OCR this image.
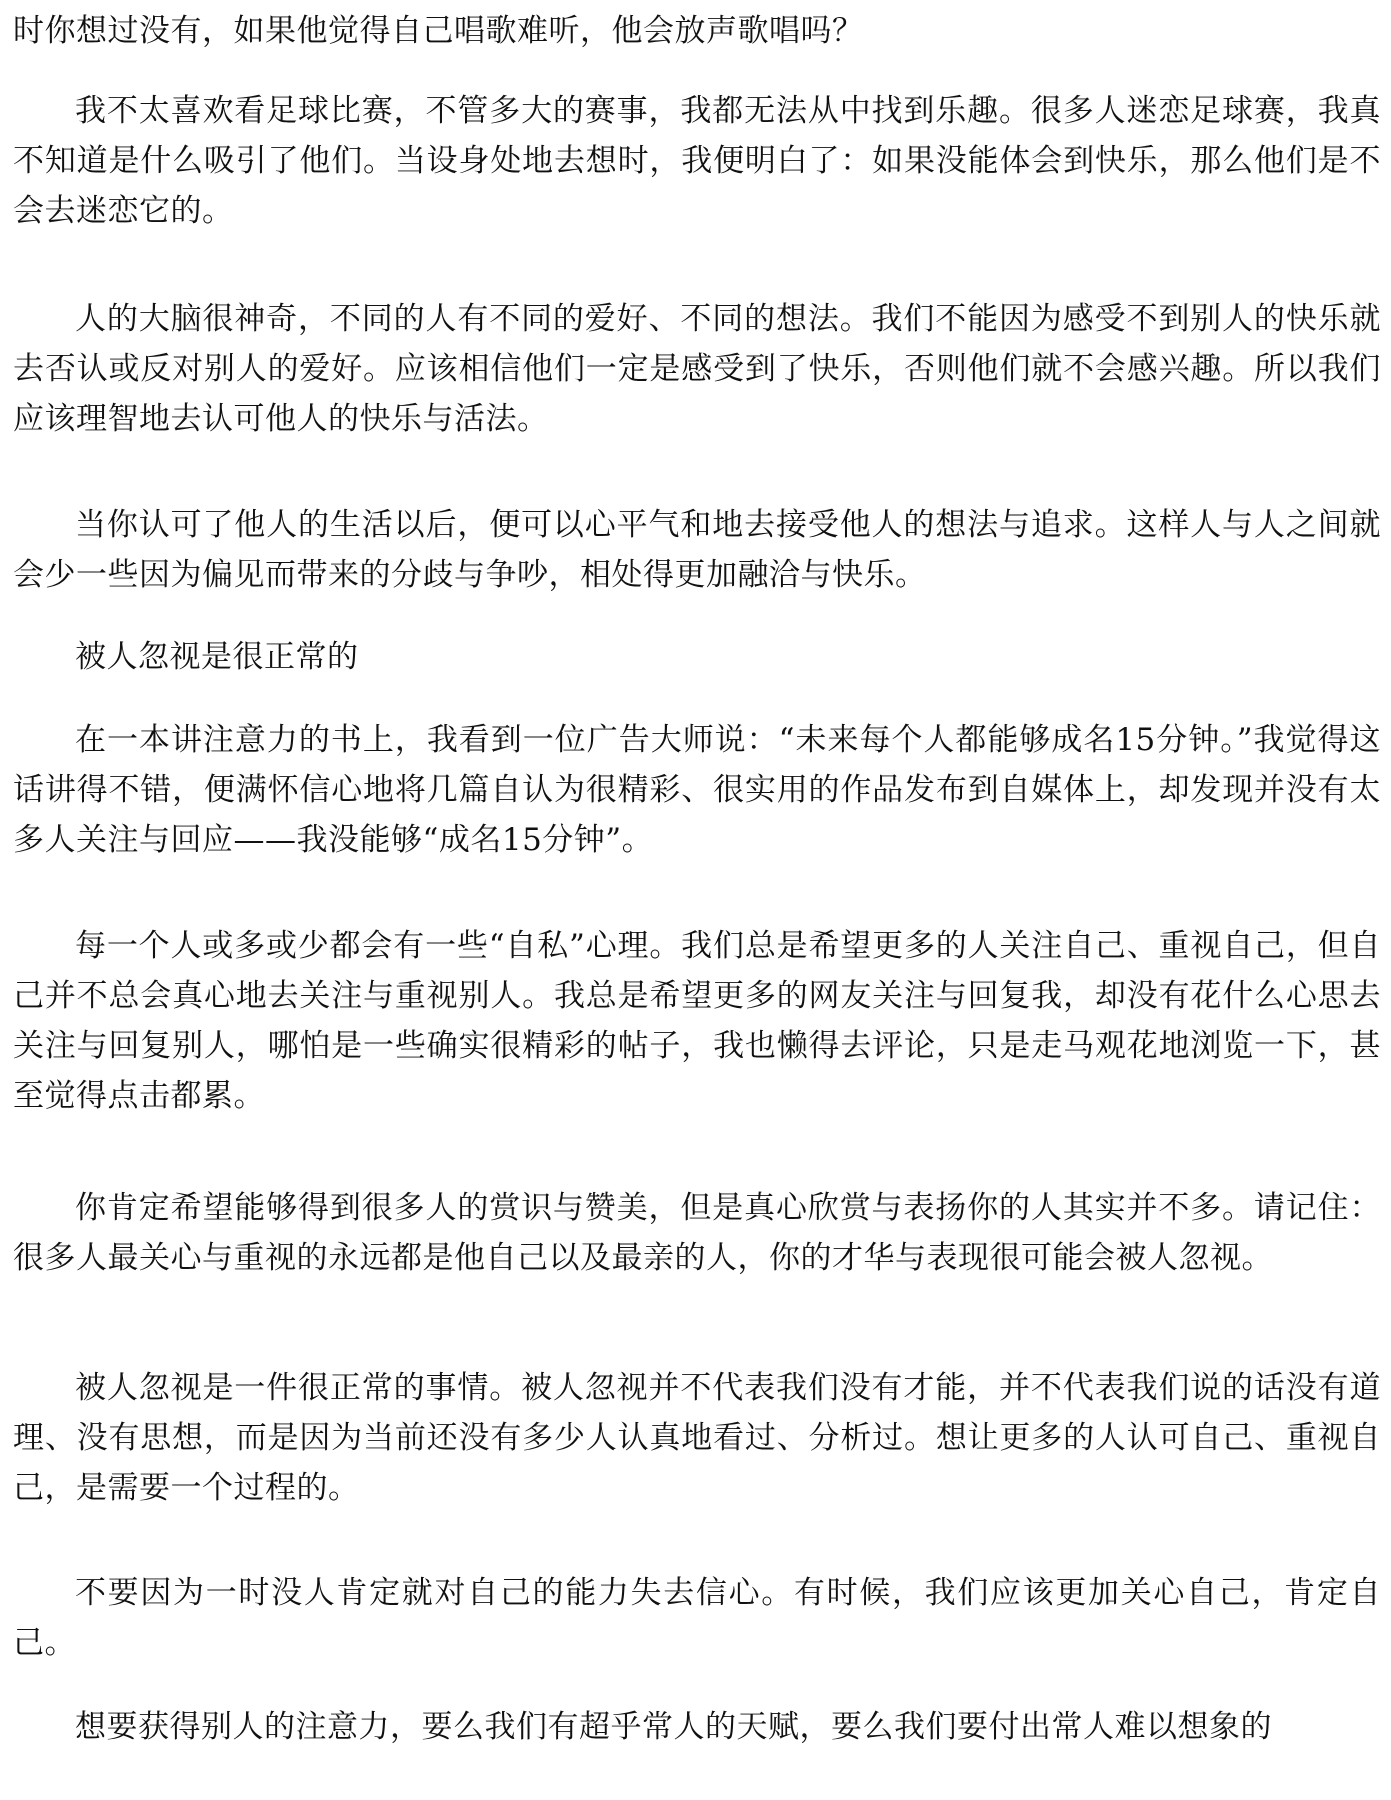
时你想过没有，如果他觉得自己唱歌难听，他会放声歌唱吗？

我不太喜欢看足球比赛，不管多大的赛事，我都无法从中找到乐趣。很多人迷恋足球赛，我真不知道是什么吸引了他们。当设身处地去想时，我便明白了：如果没能体会到快乐，那么他们是不会去迷恋它的。

人的大脑很神奇，不同的人有不同的爱好、不同的想法。我们不能因为感受不到别人的快乐就去否认或反对别人的爱好。应该相信他们一定是感受到了快乐，否则他们就不会感兴趣。所以我们应该理智地去认可他人的快乐与活法。

当你认可了他人的生活以后，便可以心平气和地去接受他人的想法与追求。这样人与人之间就会少一些因为偏见而带来的分歧与争吵，相处得更加融洽与快乐。

被人忽视是很正常的

在一本讲注意力的书上，我看到一位广告大师说：“未来每个人都能够成名15分钟。”我觉得这话讲得不错，便满怀信心地将几篇自认为很精彩、很实用的作品发布到自媒体上，却发现并没有太多人关注与回应——我没能够“成名15分钟”。

每一个人或多或少都会有一些“自私”心理。我们总是希望更多的人关注自己、重视自己，但自己并不总会真心地去关注与重视别人。我总是希望更多的网友关注与回复我，却没有花什么心思去关注与回复别人，哪怕是一些确实很精彩的帖子，我也懒得去评论，只是走马观花地浏览一下，甚至觉得点击都累。

你肯定希望能够得到很多人的赏识与赞美，但是真心欣赏与表扬你的人其实并不多。请记住：很多人最关心与重视的永远都是他自己以及最亲的人，你的才华与表现很可能会被人忽视。

被人忽视是一件很正常的事情。被人忽视并不代表我们没有才能，并不代表我们说的话没有道理、没有思想，而是因为当前还没有多少人认真地看过、分析过。想让更多的人认可自己、重视自己，是需要一个过程的。

不要因为一时没人肯定就对自己的能力失去信心。有时候，我们应该更加关心自己，肯定自己。

想要获得别人的注意力，要么我们有超乎常人的天赋，要么我们要付出常人难以想象的
